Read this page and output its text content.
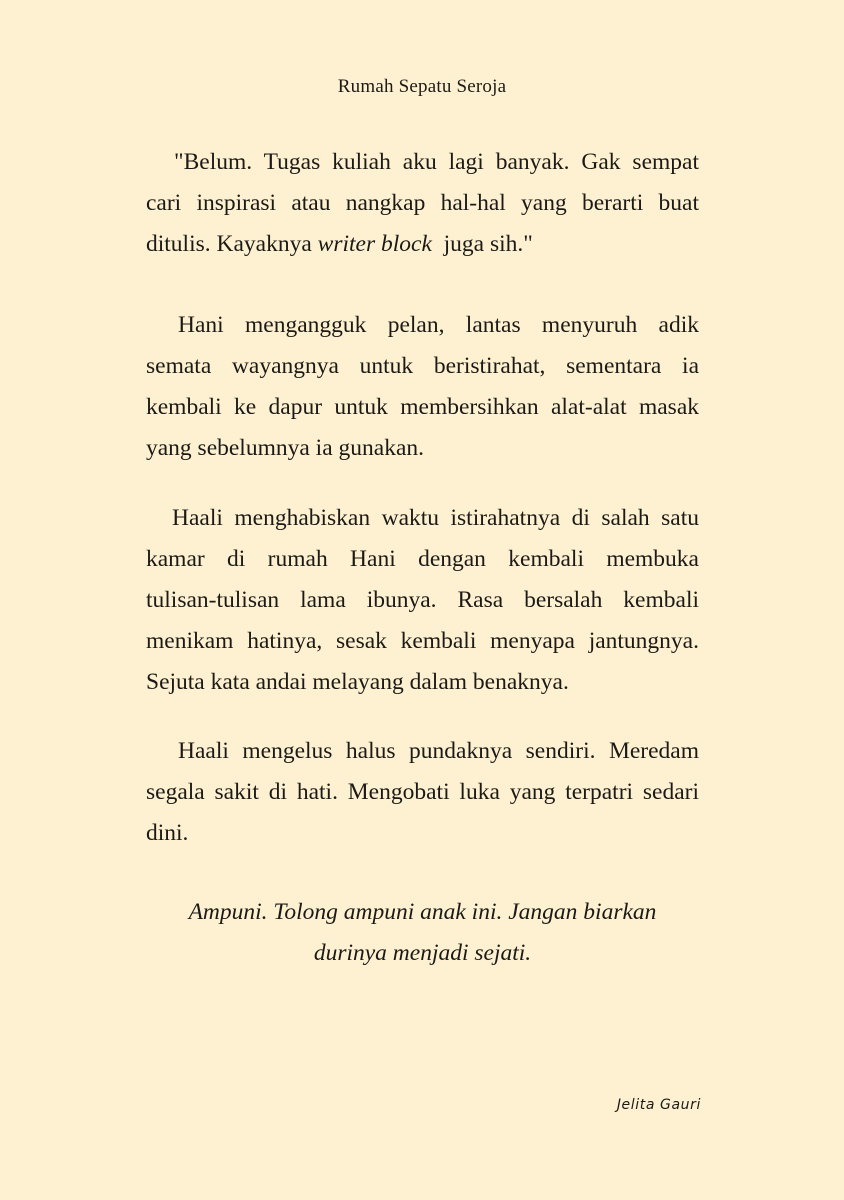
Rumah Sepatu Seroja
"Belum. Tugas kuliah aku lagi banyak. Gak sempat
cari inspirasi atau nangkap hal-hal yang berarti buat
ditulis. Kayaknya writer block  juga sih."
Hani mengangguk pelan, lantas menyuruh adik
semata wayangnya untuk beristirahat, sementara ia
kembali ke dapur untuk membersihkan alat-alat masak
yang sebelumnya ia gunakan.
Haali menghabiskan waktu istirahatnya di salah satu
kamar di rumah Hani dengan kembali membuka
tulisan-tulisan lama ibunya. Rasa bersalah kembali
menikam hatinya, sesak kembali menyapa jantungnya.
Sejuta kata andai melayang dalam benaknya.
Haali mengelus halus pundaknya sendiri. Meredam
segala sakit di hati. Mengobati luka yang terpatri sedari
dini.
Ampuni. Tolong ampuni anak ini. Jangan biarkan
durinya menjadi sejati.
Jelita Gauri
